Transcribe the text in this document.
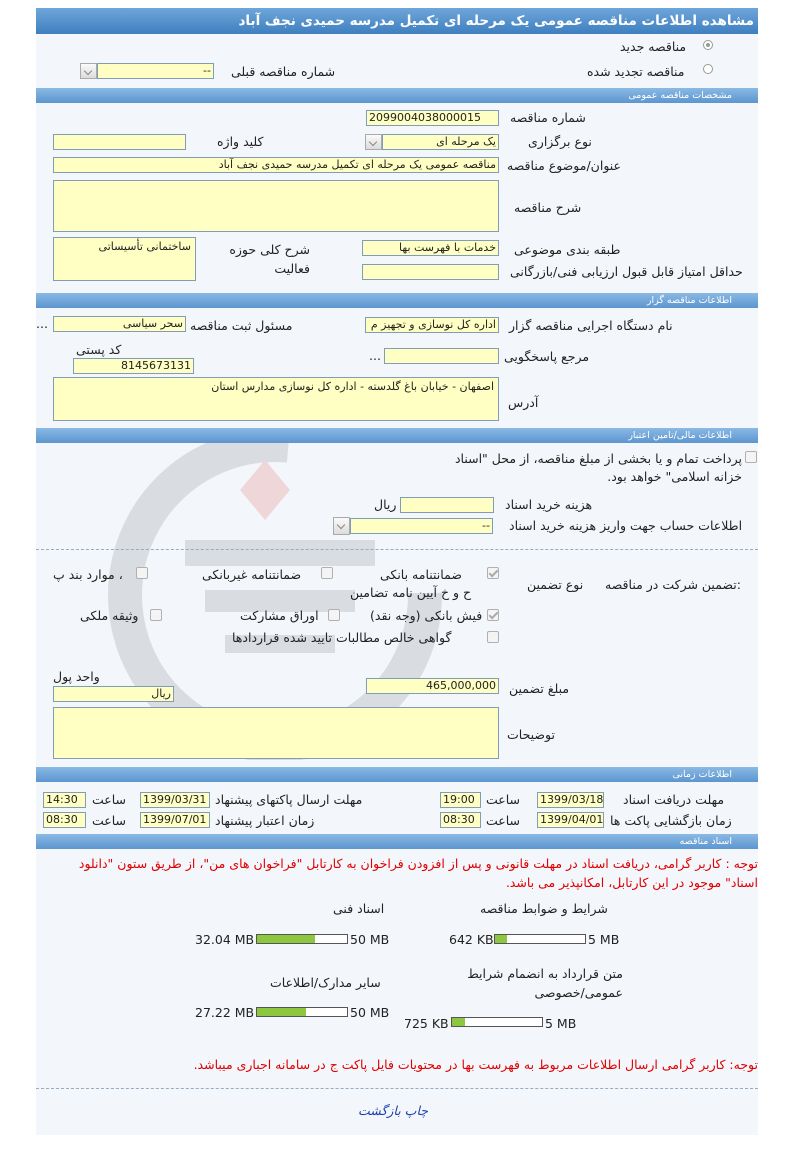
مشاهده اطلاعات مناقصه عمومی یک مرحله ای تکمیل مدرسه حمیدی نجف آباد
مناقصه جدید
مناقصه تجدید شده
شماره مناقصه قبلی
--
مشخصات مناقصه عمومی
شماره مناقصه
2099004038000015
نوع برگزاری
یک مرحله ای
کلید واژه
عنوان/موضوع مناقصه
مناقصه عمومی یک مرحله ای تکمیل مدرسه حمیدی نجف آباد
شرح مناقصه
طبقه بندی موضوعی
خدمات با فهرست بها
شرح کلی حوزه فعالیت
ساختمانی تأسیساتی
حداقل امتیاز قابل قبول ارزیابی فنی/بازرگانی
اطلاعات مناقصه گزار
نام دستگاه اجرایی مناقصه گزار
اداره کل نوسازی و تجهیز م
مسئول ثبت مناقصه
سحر سیاسی
...
مرجع پاسخگویی
...
کد پستی
8145673131
آدرس
اصفهان - خیابان باغ گلدسته - اداره کل نوسازی مدارس استان
اطلاعات مالی/تامین اعتبار
پرداخت تمام و یا بخشی از مبلغ مناقصه، از محل "اسناد خزانه اسلامی" خواهد بود.
هزینه خرید اسناد
ریال
اطلاعات حساب جهت واریز هزینه خرید اسناد
--
تضمین شرکت در مناقصه:
نوع تضمین
ضمانتنامه بانکی
ح و خ آیین نامه تضامین
ضمانتنامه غیربانکی
موارد بند پ ،
فیش بانکی (وجه نقد)
اوراق مشارکت
وثیقه ملکی
گواهی خالص مطالبات تایید شده قراردادها
مبلغ تضمین
465,000,000
واحد پول
ریال
توضیحات
اطلاعات زمانی
مهلت دریافت اسناد
1399/03/18
ساعت
19:00
مهلت ارسال پاکتهای پیشنهاد
1399/03/31
ساعت
14:30
زمان بازگشایی پاکت ها
1399/04/01
ساعت
08:30
زمان اعتبار پیشنهاد
1399/07/01
ساعت
08:30
اسناد مناقصه
توجه : کاربر گرامی، دریافت اسناد در مهلت قانونی و پس از افزودن فراخوان به کارتابل "فراخوان های من"، از طریق ستون "دانلود اسناد" موجود در این کارتابل، امکانپذیر می باشد.
شرایط و ضوابط مناقصه
642 KB	5 MB
اسناد فنی
32.04 MB	50 MB
متن قرارداد به انضمام شرایط عمومی/خصوصی
725 KB	5 MB
سایر مدارک/اطلاعات
27.22 MB	50 MB
توجه: کاربر گرامی ارسال اطلاعات مربوط به فهرست بها در محتویات فایل پاکت ج در سامانه اجباری میباشد.
چاپ بازگشت
